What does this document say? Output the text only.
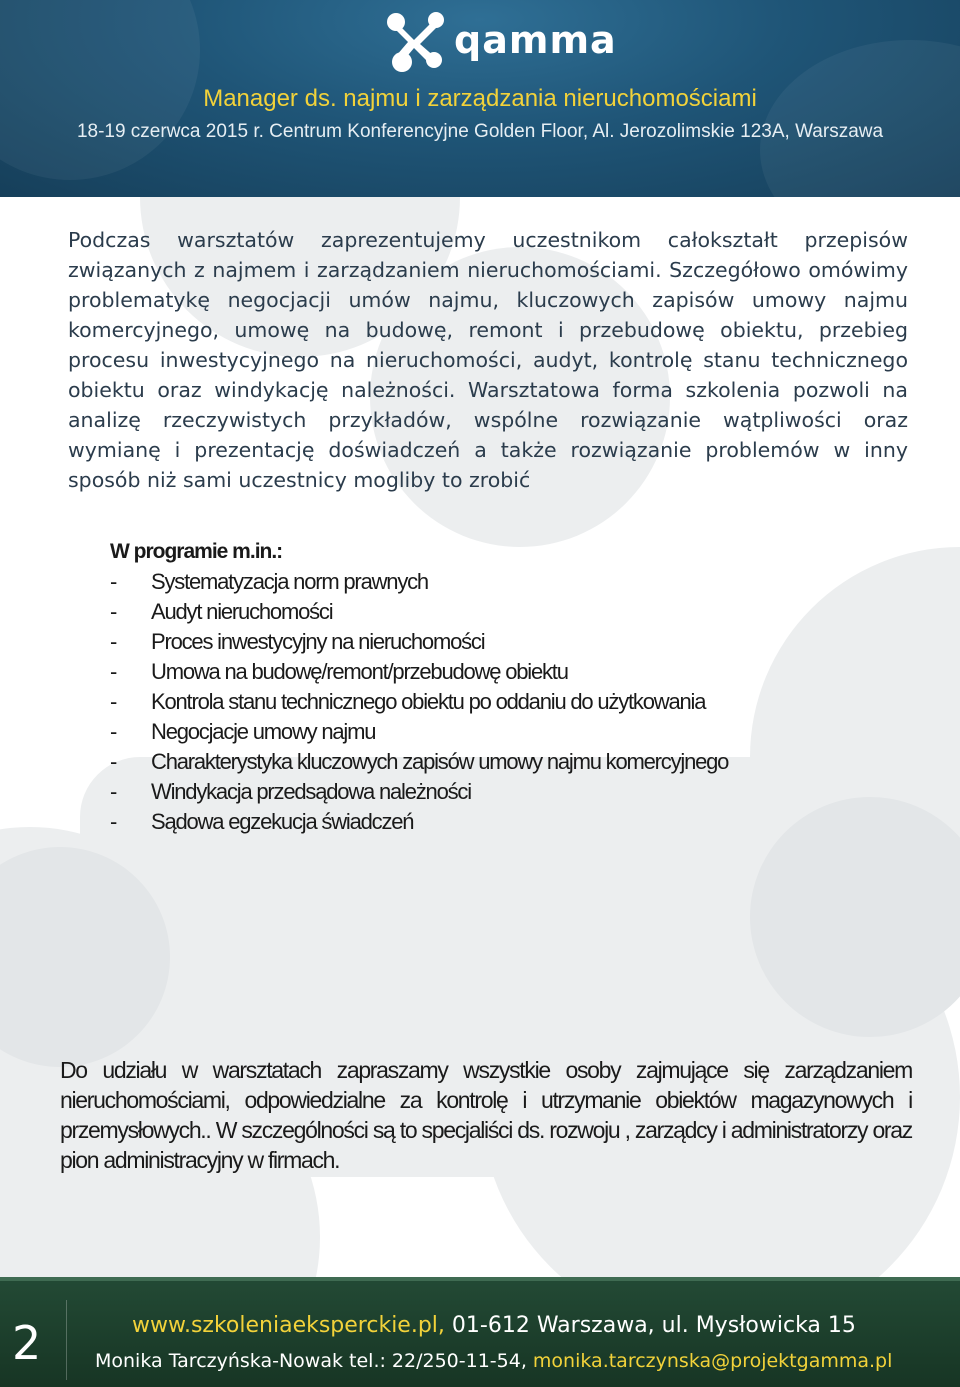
qamma
Manager ds. najmu i zarządzania nieruchomościami
18-19 czerwca 2015 r. Centrum Konferencyjne Golden Floor, Al. Jerozolimskie 123A, Warszawa

Podczas warsztatów zaprezentujemy uczestnikom całokształt przepisów związanych z najmem i zarządzaniem nieruchomościami. Szczegółowo omówimy problematykę negocjacji umów najmu, kluczowych zapisów umowy najmu komercyjnego, umowę na budowę, remont i przebudowę obiektu, przebieg procesu inwestycyjnego na nieruchomości, audyt, kontrolę stanu technicznego obiektu oraz windykację należności. Warsztatowa forma szkolenia pozwoli na analizę rzeczywistych przykładów, wspólne rozwiązanie wątpliwości oraz wymianę i prezentację doświadczeń a także rozwiązanie problemów w inny sposób niż sami uczestnicy mogliby to zrobić

W programie m.in.:
- Systematyzacja norm prawnych
- Audyt nieruchomości
- Proces inwestycyjny na nieruchomości
- Umowa na budowę/remont/przebudowę obiektu
- Kontrola stanu technicznego obiektu po oddaniu do użytkowania
- Negocjacje umowy najmu
- Charakterystyka kluczowych zapisów umowy najmu komercyjnego
- Windykacja przedsądowa należności
- Sądowa egzekucja świadczeń

Do udziału w warsztatach zapraszamy wszystkie osoby zajmujące się zarządzaniem nieruchomościami, odpowiedzialne za kontrolę i utrzymanie obiektów magazynowych i przemysłowych.. W szczególności są to specjaliści ds. rozwoju , zarządcy i administratorzy oraz pion administracyjny w firmach.

2	www.szkoleniaeksperckie.pl, 01-612 Warszawa, ul. Mysłowicka 15
Monika Tarczyńska-Nowak tel.: 22/250-11-54, monika.tarczynska@projektgamma.pl
